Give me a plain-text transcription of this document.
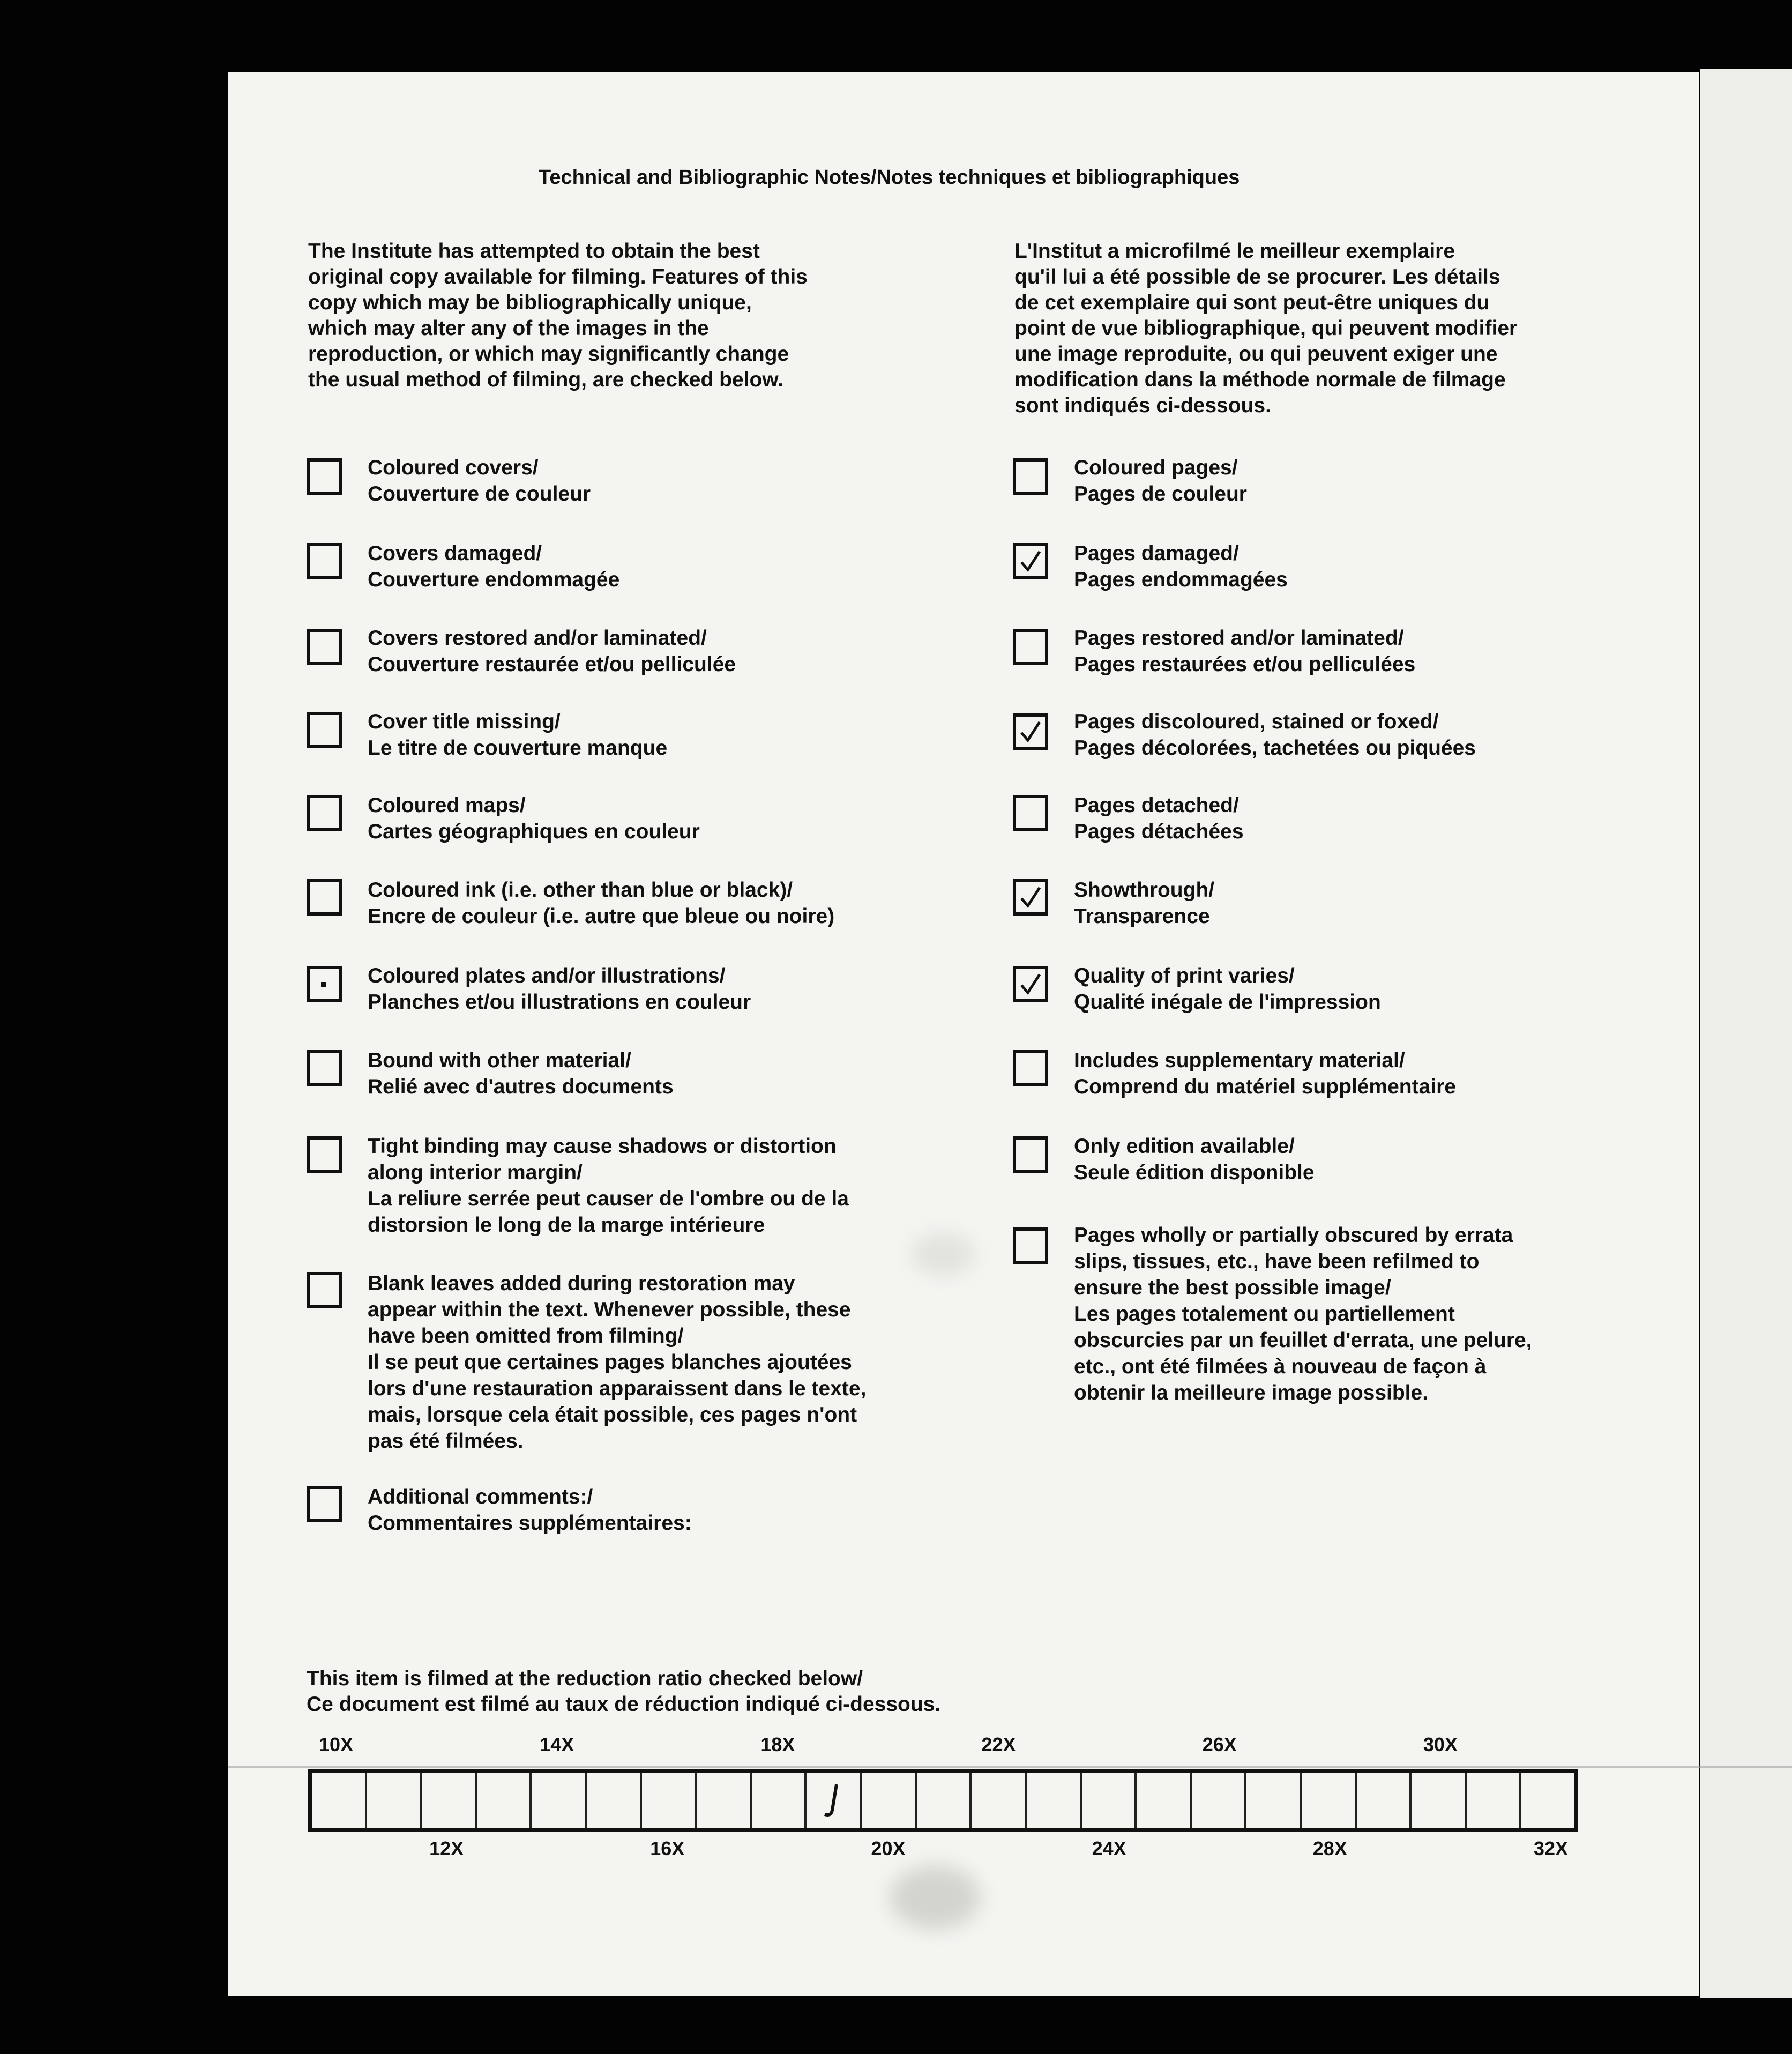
Technical and Bibliographic Notes/Notes techniques et bibliographiques
The Institute has attempted to obtain the best
original copy available for filming. Features of this
copy which may be bibliographically unique,
which may alter any of the images in the
reproduction, or which may significantly change
the usual method of filming, are checked below.
L'Institut a microfilmé le meilleur exemplaire
qu'il lui a été possible de se procurer. Les détails
de cet exemplaire qui sont peut-être uniques du
point de vue bibliographique, qui peuvent modifier
une image reproduite, ou qui peuvent exiger une
modification dans la méthode normale de filmage
sont indiqués ci-dessous.
Coloured covers/
Couverture de couleur
Covers damaged/
Couverture endommagée
Covers restored and/or laminated/
Couverture restaurée et/ou pelliculée
Cover title missing/
Le titre de couverture manque
Coloured maps/
Cartes géographiques en couleur
Coloured ink (i.e. other than blue or black)/
Encre de couleur (i.e. autre que bleue ou noire)
Coloured plates and/or illustrations/
Planches et/ou illustrations en couleur
Bound with other material/
Relié avec d'autres documents
Tight binding may cause shadows or distortion
along interior margin/
La reliure serrée peut causer de l'ombre ou de la
distorsion le long de la marge intérieure
Blank leaves added during restoration may
appear within the text. Whenever possible, these
have been omitted from filming/
Il se peut que certaines pages blanches ajoutées
lors d'une restauration apparaissent dans le texte,
mais, lorsque cela était possible, ces pages n'ont
pas été filmées.
Additional comments:/
Commentaires supplémentaires:
Coloured pages/
Pages de couleur
Pages damaged/
Pages endommagées
Pages restored and/or laminated/
Pages restaurées et/ou pelliculées
Pages discoloured, stained or foxed/
Pages décolorées, tachetées ou piquées
Pages detached/
Pages détachées
Showthrough/
Transparence
Quality of print varies/
Qualité inégale de l'impression
Includes supplementary material/
Comprend du matériel supplémentaire
Only edition available/
Seule édition disponible
Pages wholly or partially obscured by errata
slips, tissues, etc., have been refilmed to
ensure the best possible image/
Les pages totalement ou partiellement
obscurcies par un feuillet d'errata, une pelure,
etc., ont été filmées à nouveau de façon à
obtenir la meilleure image possible.
This item is filmed at the reduction ratio checked below/
Ce document est filmé au taux de réduction indiqué ci-dessous.
10X	14X	18X	22X	26X	30X
12X	16X	20X	24X	28X	32X
